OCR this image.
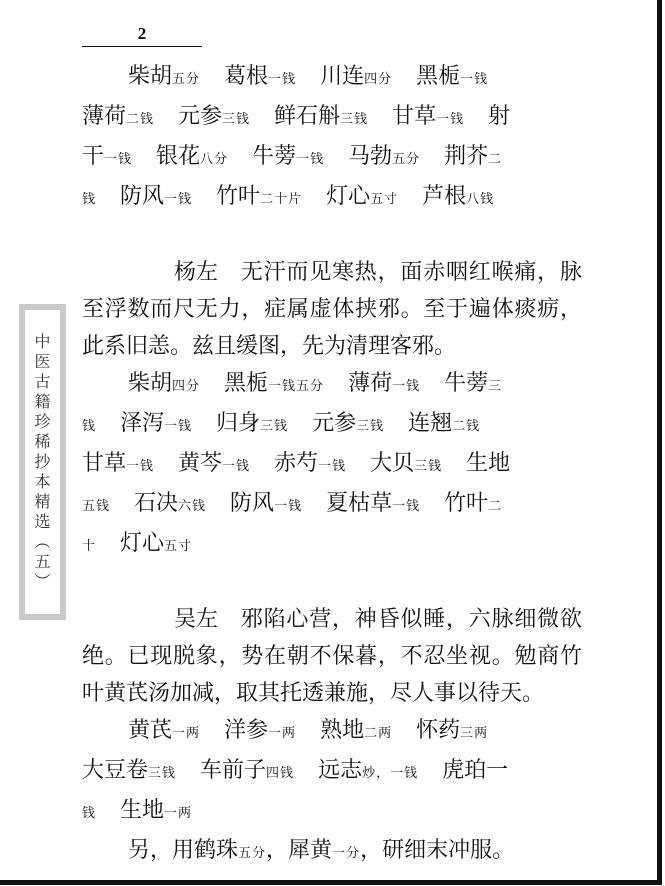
2
中
医
古
籍
珍
稀
抄
本
精
选
︵
五
︶

柴胡五分 葛根一钱 川连四分 黑栀一钱

薄荷二钱 元参三钱 鲜石斛三钱 甘草一钱 射

干一钱 银花八分 牛蒡一钱 马勃五分 荆芥二

钱 防风一钱 竹叶二十片 灯心五寸 芦根八钱

杨左 无汗而见寒热，面赤咽红喉痛，脉至浮数而尺无力，症属虚体挟邪。至于遍体痰疬，此系旧恙。兹且缓图，先为清理客邪。

柴胡四分 黑栀一钱五分 薄荷一钱 牛蒡三

钱 泽泻一钱 归身三钱 元参三钱 连翘二钱

甘草一钱 黄芩一钱 赤芍一钱 大贝三钱 生地

五钱 石决六钱 防风一钱 夏枯草一钱 竹叶二

十 灯心五寸

吴左 邪陷心营，神昏似睡，六脉细微欲绝。已现脱象，势在朝不保暮，不忍坐视。勉商竹叶黄芪汤加减，取其托透兼施，尽人事以待天。

黄芪一两 洋参一两 熟地二两 怀药三两

大豆卷三钱 车前子四钱 远志炒，一钱 虎珀一

钱 生地一两

另，用鹤珠五分，犀黄一分，研细末冲服。
